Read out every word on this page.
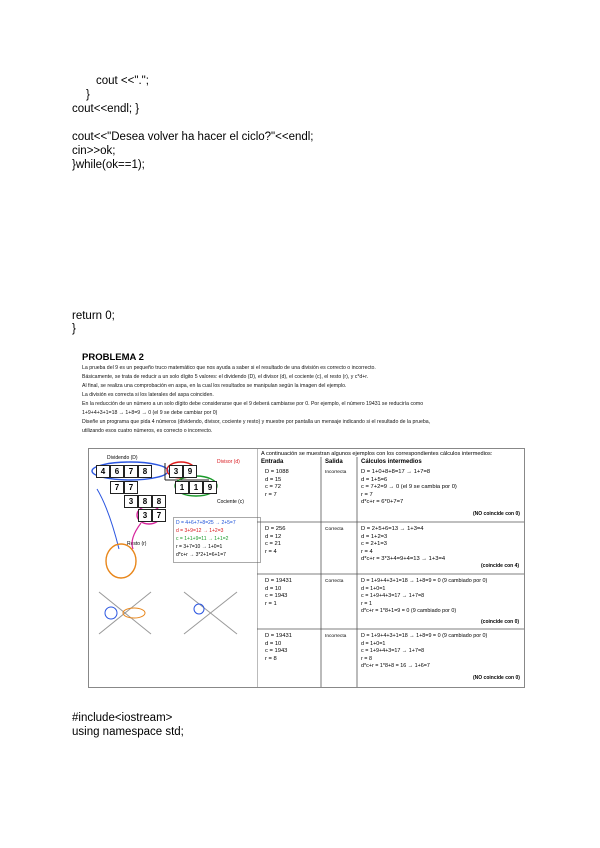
cout <<".";
}
cout<<endl; }
cout<<"Desea volver ha hacer el ciclo?"<<endl;
cin>>ok;
}while(ok==1);
return 0;
}
PROBLEMA 2
La prueba del 9 es un pequeño truco matemático que nos ayuda a saber si el resultado de una división es correcto o incorrecto.
Básicamente, se trata de reducir a un solo dígito 5 valores: el dividendo (D), el divisor (d), el cociente (c), el resto (r), y c*d+r.
Al final, se realiza una comprobación en aspa, en la cual los resultados se manipulan según la imagen del ejemplo.
La división es correcta si los laterales del aspa coinciden.
En la reducción de un número a un solo dígito debe considerarse que el 9 deberá cambiarse por 0. Por ejemplo, el número 19431 se reduciría como
1+9+4+3+1=18 → 1+8=9 → 0 (el 9 se debe cambiar por 0)
Diseñe un programa que pida 4 números (dividendo, divisor, cociente y resto) y muestre por pantalla un mensaje indicando si el resultado de la prueba,
utilizando esos cuatro números, es correcto o incorrecto.
Dividendo (D)
Divisor (d)
Cociente (c)
Resto (r)
4	6	7	8	3	9
7	7	1	1	9
3	8	8
3	7
D = 4+6+7+8=25 → 2+5=7
d = 3+9=12 → 1+2=3
c = 1+1+9=11 → 1+1=2
r = 3+7=10 → 1+0=1
d*c+r → 3*2+1=6+1=7
A continuación se muestran algunos ejemplos con los correspondientes cálculos intermedios:
Entrada	Salida	Cálculos intermedios
D = 1088
d = 15
c = 72
r = 7
Incorrecta	D = 1+0+8+8=17 → 1+7=8
d = 1+5=6
c = 7+2=9 → 0 (el 9 se cambia por 0)
r = 7
d*c+r = 6*0+7=7
(NO coincide con 0)
D = 256
d = 12
c = 21
r = 4
Correcta	D = 2+5+6=13 → 1+3=4
d = 1+2=3
c = 2+1=3
r = 4
d*c+r = 3*3+4=9+4=13 → 1+3=4
(coincide con 4)
D = 19431
d = 10
c = 1943
r = 1
Correcta	D = 1+9+4+3+1=18 → 1+8=9 = 0 (9 cambiado por 0)
d = 1+0=1
c = 1+9+4+3=17 → 1+7=8
r = 1
d*c+r = 1*8+1=9 = 0 (9 cambiado por 0)
(coincide con 0)
D = 19431
d = 10
c = 1943
r = 8
Incorrecta	D = 1+9+4+3+1=18 → 1+8=9 = 0 (9 cambiado por 0)
d = 1+0=1
c = 1+9+4+3=17 → 1+7=8
r = 8
d*c+r = 1*8+8 = 16 → 1+6=7
(NO coincide con 0)
#include<iostream>
using namespace std;
